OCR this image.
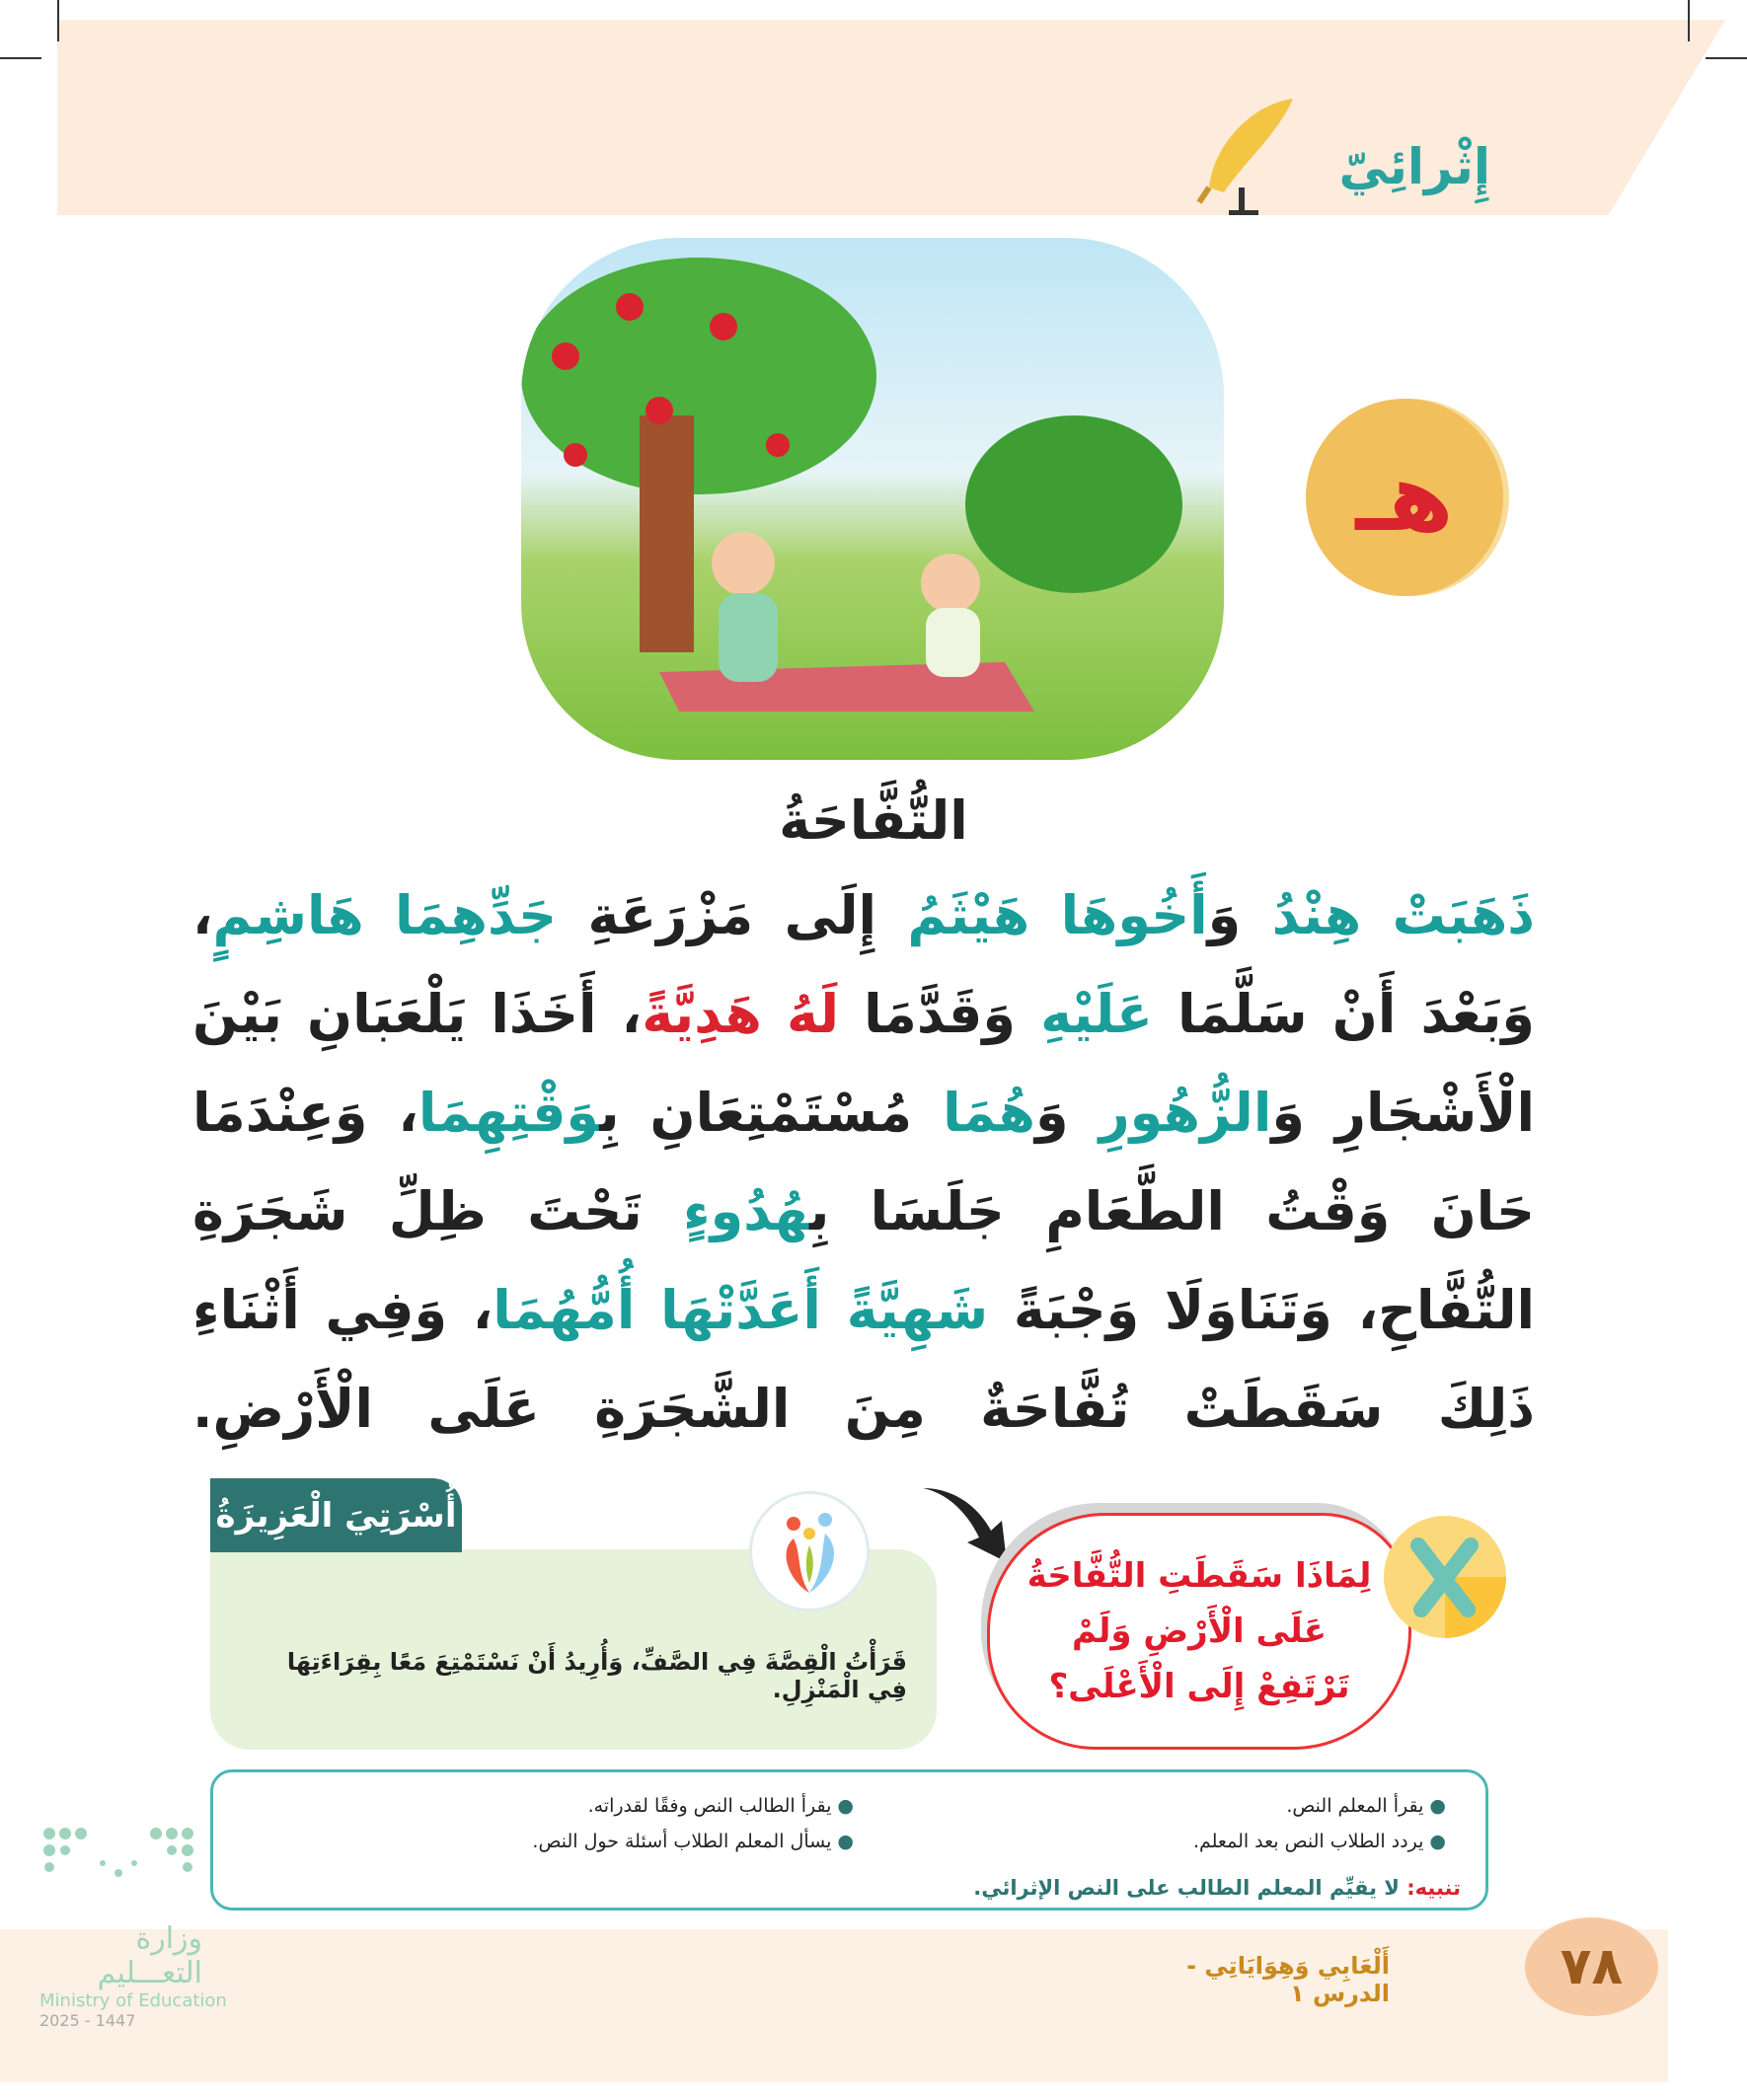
إِثْرائِيّ
هـ
التُّفَّاحَةُ
ذَهَبَتْ هِنْدُ وَأَخُوهَا هَيْثَمُ إِلَى مَزْرَعَةِ جَدِّهِمَا هَاشِمٍ، وَبَعْدَ أَنْ سَلَّمَا عَلَيْهِ وَقَدَّمَا لَهُ هَدِيَّةً، أَخَذَا يَلْعَبَانِ بَيْنَ الْأَشْجَارِ وَالزُّهُورِ وَهُمَا مُسْتَمْتِعَانِ بِوَقْتِهِمَا، وَعِنْدَمَا حَانَ وَقْتُ الطَّعَامِ جَلَسَا بِهُدُوءٍ تَحْتَ ظِلِّ شَجَرَةِ التُّفَّاحِ، وَتَنَاوَلَا وَجْبَةً شَهِيَّةً أَعَدَّتْهَا أُمُّهُمَا، وَفِي أَثْنَاءِ ذَلِكَ سَقَطَتْ تُفَّاحَةٌ مِنَ الشَّجَرَةِ عَلَى الْأَرْضِ.
قَرَأْتُ الْقِصَّةَ فِي الصَّفِّ، وَأُرِيدُ أَنْ نَسْتَمْتِعَ مَعًا بِقِرَاءَتِهَا فِي الْمَنْزِلِ.
أُسْرَتِيَ الْعَزِيزَةُ
لِمَاذَا سَقَطَتِ التُّفَّاحَةُ عَلَى الْأَرْضِ وَلَمْ تَرْتَفِعْ إِلَى الْأَعْلَى؟
وزارة التعـــليم
Ministry of Education
2025 - 1447
● يقرأ المعلم النص.
● يردد الطلاب النص بعد المعلم.
● يقرأ الطالب النص وفقًا لقدراته.
● يسأل المعلم الطلاب أسئلة حول النص.
تنبيه: لا يقيِّم المعلم الطالب على النص الإثرائي.
٧٨
أَلْعَابِي وَهِوَايَاتِي - الدرس ١
